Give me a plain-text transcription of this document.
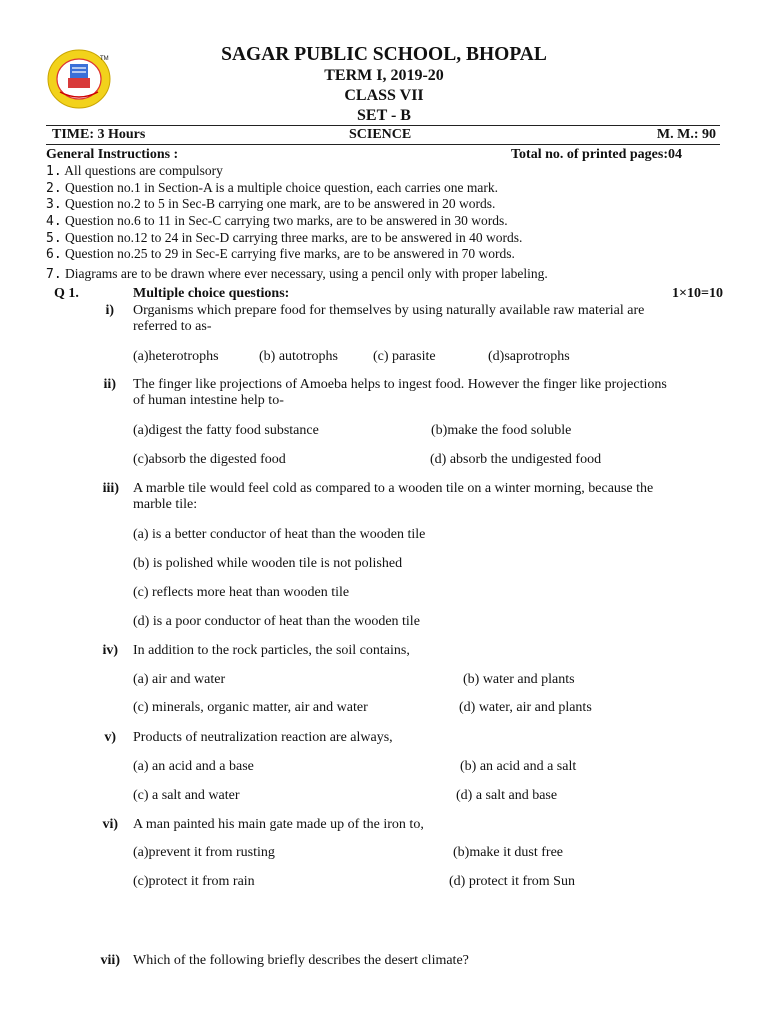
TM	SAGAR PUBLIC SCHOOL, BHOPAL
TERM I, 2019-20
CLASS VII
SET - B
TIME: 3 Hours	SCIENCE	M. M.: 90
General Instructions :	Total no. of printed pages:04
1. All questions are compulsory
2. Question no.1 in Section-A is a multiple choice question, each carries one mark.
3. Question no.2 to 5 in Sec-B carrying one mark, are to be answered in 20 words.
4. Question no.6 to 11 in Sec-C carrying two marks, are to be answered in 30 words.
5. Question no.12 to 24 in Sec-D carrying three marks, are to be answered in 40 words.
6. Question no.25 to 29 in Sec-E carrying five marks, are to be answered in 70 words.
7. Diagrams are to be drawn where ever necessary, using a pencil only with proper labeling.
Q 1.	Multiple choice questions:	1×10=10
i) Organisms which prepare food for themselves by using naturally available raw material are referred to as-
(a)heterotrophs	(b) autotrophs	(c) parasite	(d)saprotrophs
ii) The finger like projections of Amoeba helps to ingest food. However the finger like projections of human intestine help to-
(a)digest the fatty food substance	(b)make the food soluble
(c)absorb the digested food	(d) absorb the undigested food
iii) A marble tile would feel cold as compared to a wooden tile on a winter morning, because the marble tile:
(a) is a better conductor of heat than the wooden tile
(b) is polished while wooden tile is not polished
(c) reflects more heat than wooden tile
(d) is a poor conductor of heat than the wooden tile
iv) In addition to the rock particles, the soil contains,
(a) air and water	(b) water and plants
(c) minerals, organic matter, air and water	(d) water, air and plants
v) Products of neutralization reaction are always,
(a) an acid and a base	(b) an acid and a salt
(c) a salt and water	(d) a salt and base
vi) A man painted his main gate made up of the iron to,
(a)prevent it from rusting	(b)make it dust free
(c)protect it from rain	(d) protect it from Sun
vii) Which of the following briefly describes the desert climate?
